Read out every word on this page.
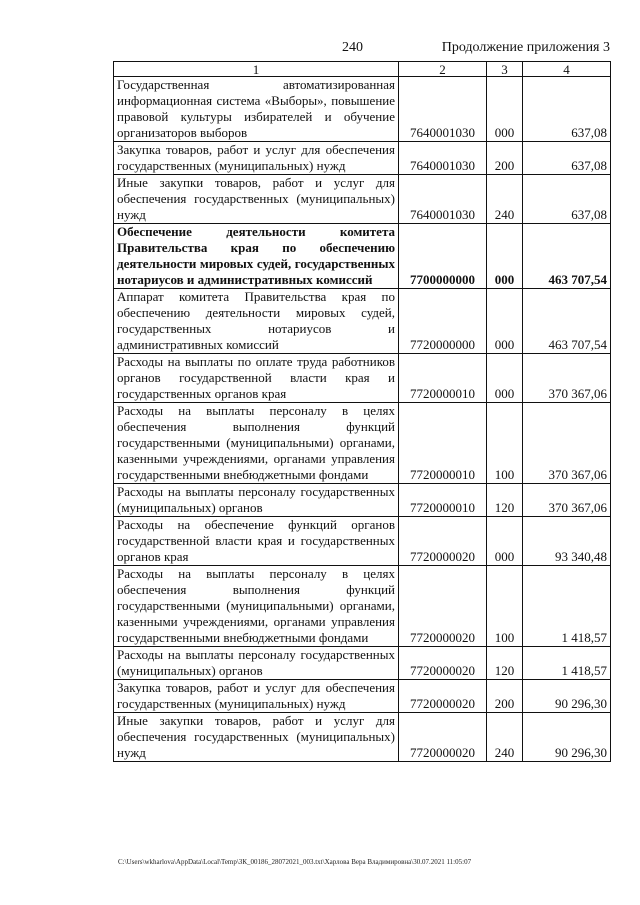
240	Продолжение приложения 3
1	2	3	4
Государственная автоматизированная информационная система «Выборы», повышение правовой культуры избирателей и обучение организаторов выборов	7640001030	000	637,08
Закупка товаров, работ и услуг для обеспечения государственных (муниципальных) нужд	7640001030	200	637,08
Иные закупки товаров, работ и услуг для обеспечения государственных (муниципальных) нужд	7640001030	240	637,08
Обеспечение деятельности комитета Правительства края по обеспечению деятельности мировых судей, государственных нотариусов и административных комиссий	7700000000	000	463 707,54
Аппарат комитета Правительства края по обеспечению деятельности мировых судей, государственных нотариусов и административных комиссий	7720000000	000	463 707,54
Расходы на выплаты по оплате труда работников органов государственной власти края и государственных органов края	7720000010	000	370 367,06
Расходы на выплаты персоналу в целях обеспечения выполнения функций государственными (муниципальными) органами, казенными учреждениями, органами управления государственными внебюджетными фондами	7720000010	100	370 367,06
Расходы на выплаты персоналу государственных (муниципальных) органов	7720000010	120	370 367,06
Расходы на обеспечение функций органов государственной власти края и государственных органов края	7720000020	000	93 340,48
Расходы на выплаты персоналу в целях обеспечения выполнения функций государственными (муниципальными) органами, казенными учреждениями, органами управления государственными внебюджетными фондами	7720000020	100	1 418,57
Расходы на выплаты персоналу государственных (муниципальных) органов	7720000020	120	1 418,57
Закупка товаров, работ и услуг для обеспечения государственных (муниципальных) нужд	7720000020	200	90 296,30
Иные закупки товаров, работ и услуг для обеспечения государственных (муниципальных) нужд	7720000020	240	90 296,30
C:\Users\wkharlova\AppData\Local\Temp\ЗК_00186_28072021_003.txt\Харлова Вера Владимировна\30.07.2021 11:05:07
